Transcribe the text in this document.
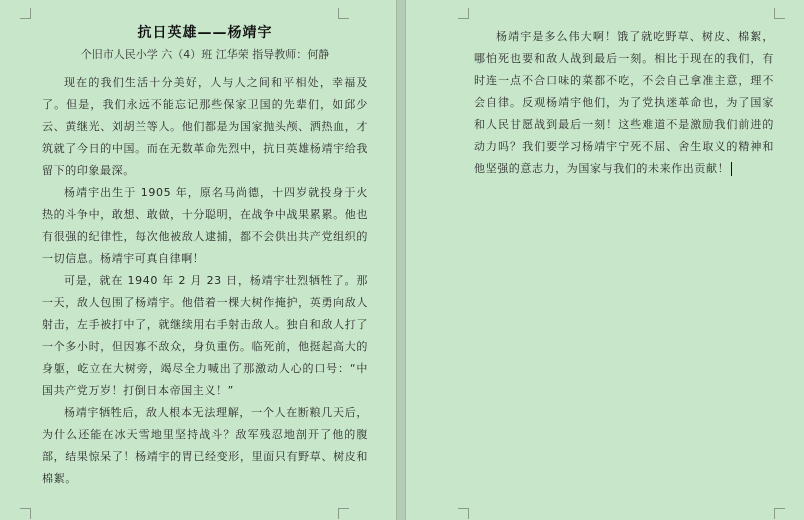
抗日英雄——杨靖宇

个旧市人民小学 六（4）班 江华荣 指导教师：何静

现在的我们生活十分美好，人与人之间和平相处，幸福及了。但是，我们永远不能忘记那些保家卫国的先辈们，如邱少云、黄继光、刘胡兰等人。他们都是为国家抛头颅、洒热血，才筑就了今日的中国。而在无数革命先烈中，抗日英雄杨靖宇给我留下的印象最深。

杨靖宇出生于 1905 年，原名马尚德，十四岁就投身于火热的斗争中，敢想、敢做，十分聪明，在战争中战果累累。他也有很强的纪律性，每次他被敌人逮捕，都不会供出共产党组织的一切信息。杨靖宇可真自律啊！

可是，就在 1940 年 2 月 23 日，杨靖宇壮烈牺牲了。那一天，敌人包围了杨靖宇。他借着一棵大树作掩护，英勇向敌人射击，左手被打中了，就继续用右手射击敌人。独自和敌人打了一个多小时，但因寡不敌众，身负重伤。临死前，他挺起高大的身躯，屹立在大树旁，竭尽全力喊出了那激动人心的口号：“中国共产党万岁！打倒日本帝国主义！”

杨靖宇牺牲后，敌人根本无法理解，一个人在断粮几天后，为什么还能在冰天雪地里坚持战斗？敌军残忍地剖开了他的腹部，结果惊呆了！杨靖宇的胃已经变形，里面只有野草、树皮和棉絮。

杨靖宇是多么伟大啊！饿了就吃野草、树皮、棉絮，哪怕死也要和敌人战到最后一刻。相比于现在的我们，有时连一点不合口味的菜都不吃，不会自己拿准主意，理不会自律。反观杨靖宇他们，为了党执迷革命也，为了国家和人民甘愿战到最后一刻！这些难道不是激励我们前进的动力吗？我们要学习杨靖宇宁死不屈、舍生取义的精神和他坚强的意志力，为国家与我们的未来作出贡献！
